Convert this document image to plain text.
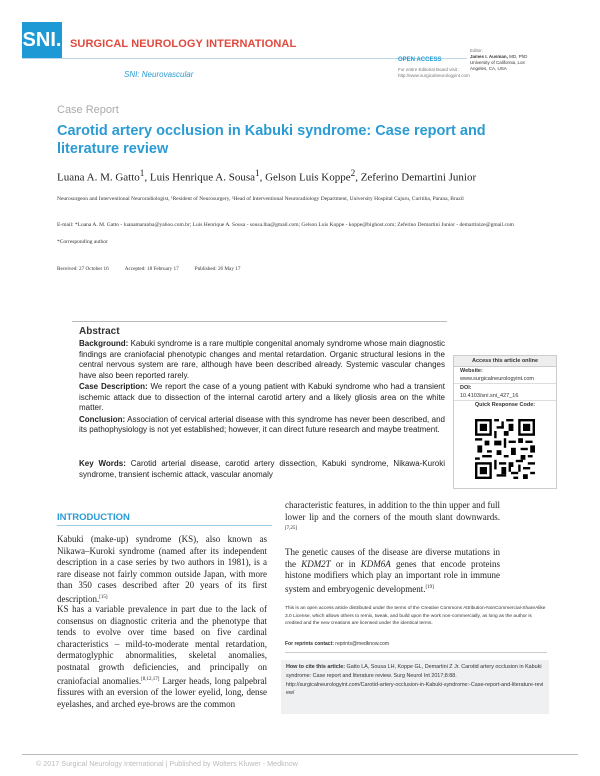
SNI. SURGICAL NEUROLOGY INTERNATIONAL
SNI: Neurovascular
OPEN ACCESS
For entire Editorial Board visit :
http://www.surgicalneurologyint.com
Editor:
James I. Ausman, MD, PhD
University of California, Los
Angeles, CA, USA
Case Report
Carotid artery occlusion in Kabuki syndrome: Case report and literature review
Luana A. M. Gatto$^1$, Luis Henrique A. Sousa$^1$, Gelson Luis Koppe$^2$, Zeferino Demartini Junior
Neurosurgeon and Interventional Neuroradiologist, ¹Resident of Neurosurgery, ²Head of Interventional Neuroradiology Department, University Hospital Cajuru, Curitiba, Parana, Brazil
E-mail: *Luana A. M. Gatto - luanamaranha@yahoo.com.br; Luis Henrique A. Sousa - sousa.lha@gmail.com; Gelson Luis Koppe - koppe@bighost.com; Zeferino Demartini Junior - demartinize@gmail.com
*Corresponding author
Received: 27 October 16	Accepted: 18 February 17	Published: 26 May 17
Abstract

Background: Kabuki syndrome is a rare multiple congenital anomaly syndrome whose main diagnostic findings are craniofacial phenotypic changes and mental retardation. Organic structural lesions in the central nervous system are rare, although have been described already. Systemic vascular changes have also been reported rarely.

Case Description: We report the case of a young patient with Kabuki syndrome who had a transient ischemic attack due to dissection of the internal carotid artery and a likely gliosis area on the white matter.

Conclusion: Association of cervical arterial disease with this syndrome has never been described, and its pathophysiology is not yet established; however, it can direct future research and maybe treatment.

Key Words: Carotid arterial disease, carotid artery dissection, Kabuki syndrome, Nikawa-Kuroki syndrome, transient ischemic attack, vascular anomaly
Access this article online
Website:
www.surgicalneurologyint.com
DOI:
10.4103/sni.sni_427_16
Quick Response Code:
INTRODUCTION
Kabuki (make-up) syndrome (KS), also known as Nikawa–Kuroki syndrome (named after its independent description in a case series by two authors in 1981), is a rare disease not fairly common outside Japan, with more than 350 cases described after 20 years of its first description.[15]
KS has a variable prevalence in part due to the lack of consensus on diagnostic criteria and the phenotype that tends to evolve over time based on five cardinal characteristics – mild-to-moderate mental retardation, dermatoglyphic abnormalities, skeletal anomalies, postnatal growth deficiencies, and principally on craniofacial anomalies.[8,12,17] Larger heads, long palpebral fissures with an eversion of the lower eyelid, long, dense eyelashes, and arched eye-brows are the common
characteristic features, in addition to the thin upper and full lower lip and the corners of the mouth slant downwards.[7,25]
The genetic causes of the disease are diverse mutations in the KDM2T or in KDM6A genes that encode proteins histone modifiers which play an important role in immune system and embryogenic development.[19]
This is an open access article distributed under the terms of the Creative Commons Attribution-NonCommercial-ShareAlike 3.0 License, which allows others to remix, tweak, and build upon the work non-commercially, as long as the author is credited and the new creations are licensed under the identical terms.
For reprints contact: reprints@medknow.com
How to cite this article: Gatto LA, Sousa LH, Koppe GL, Demartini Z Jr. Carotid artery occlusion in Kabuki syndrome: Case report and literature review. Surg Neurol Int 2017;8:88.
http://surgicalneurologyint.com/Carotid-artery-occlusion-in-Kabuki-syndrome:-Case-report-and-literature-review/
© 2017 Surgical Neurology International | Published by Wolters Kluwer - Medknow
